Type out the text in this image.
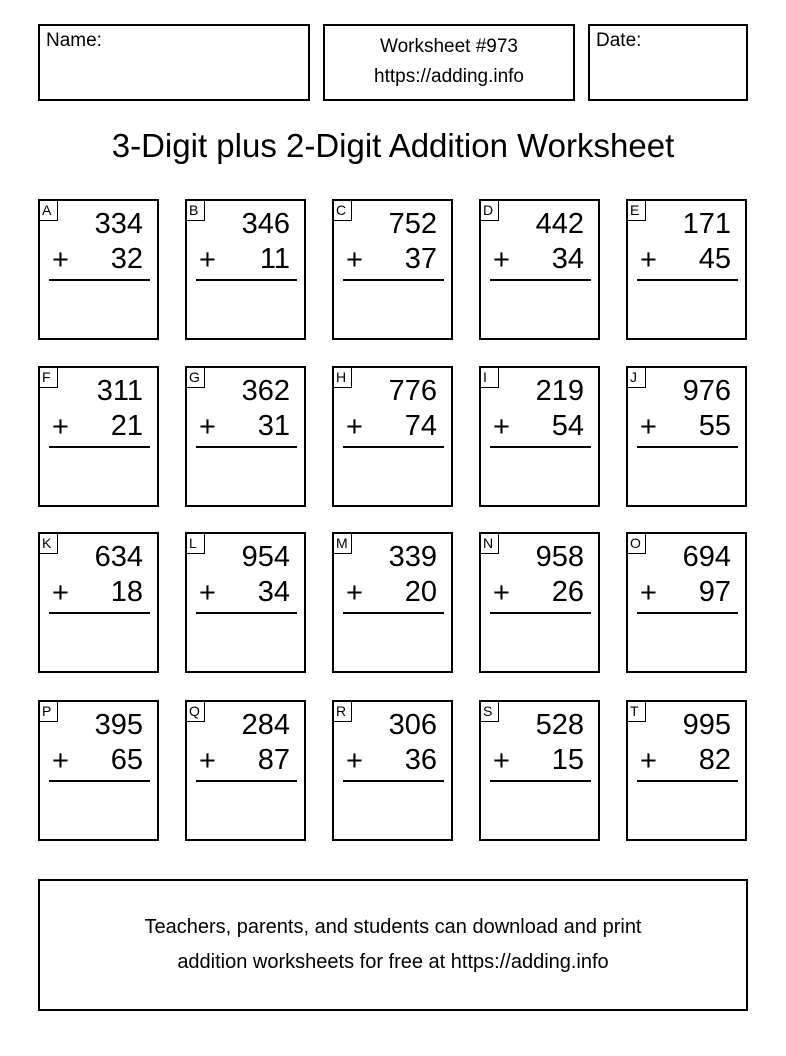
Name:	Worksheet #973
https://adding.info
Date:
3-Digit plus 2-Digit Addition Worksheet
A 334
+ 32
B 346
+ 11
C 752
+ 37
D 442
+ 34
E 171
+ 45
F 311
+ 21
G 362
+ 31
H 776
+ 74
I	219
+ 54
J	976
+ 55
K 634
+ 18
L 954
+ 34
M 339
+ 20
N 958
+ 26
O 694
+ 97
P 395
+ 65
Q 284
+ 87
R 306
+ 36
S 528
+ 15
T 995
+ 82
Teachers, parents, and students can download and print
addition worksheets for free at https://adding.info
